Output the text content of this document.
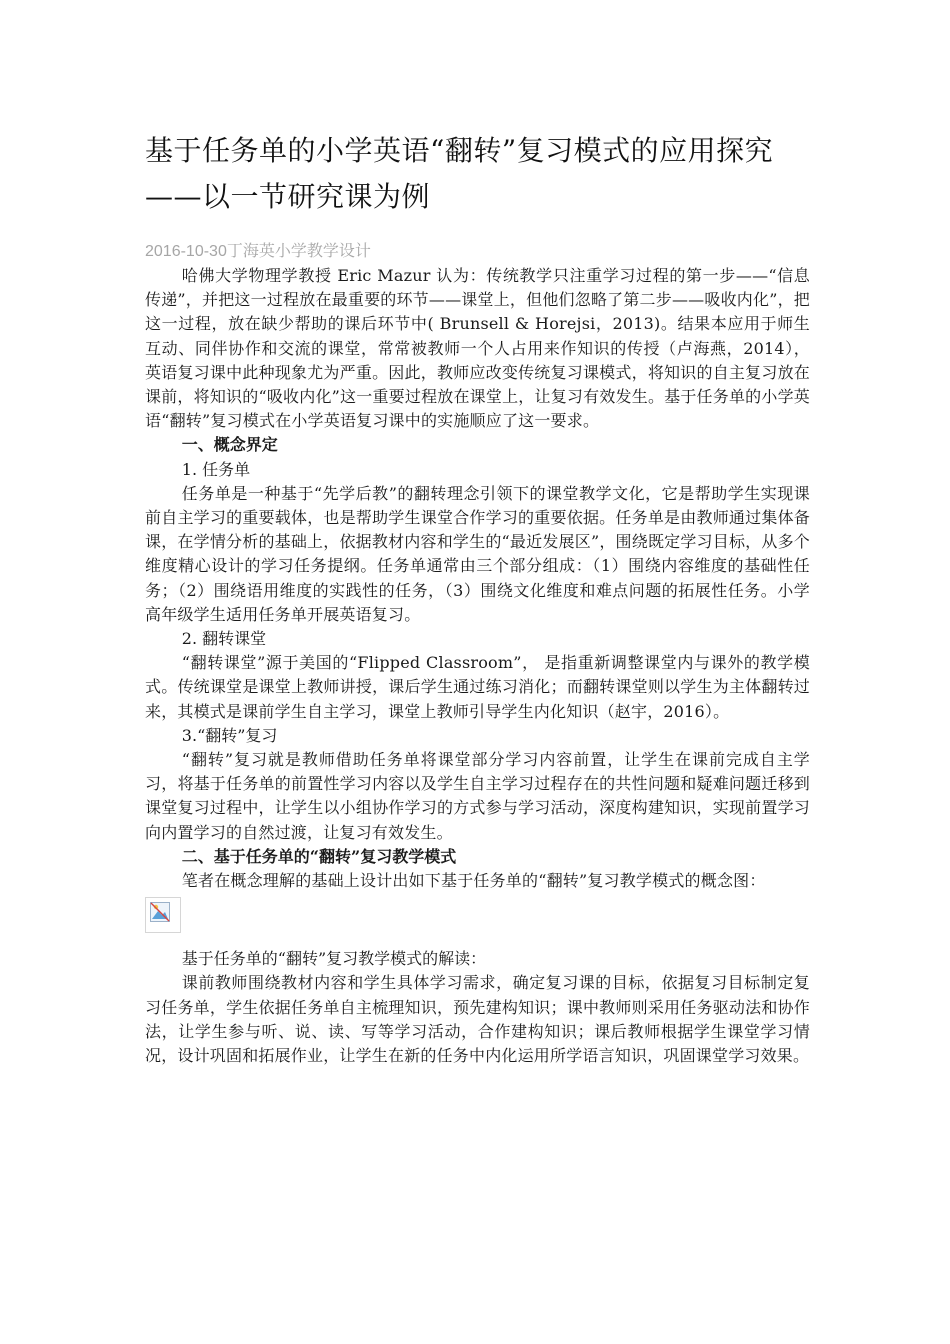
基于任务单的小学英语“翻转”复习模式的应用探究
——以一节研究课为例
2016-10-30丁海英小学教学设计

哈佛大学物理学教授 Eric Mazur 认为：传统教学只注重学习过程的第一步——“信息传递”，并把这一过程放在最重要的环节——课堂上，但他们忽略了第二步——吸收内化”，把这一过程，放在缺少帮助的课后环节中( Brunsell & Horejsi，2013)。结果本应用于师生互动、同伴协作和交流的课堂，常常被教师一个人占用来作知识的传授（卢海燕，2014），英语复习课中此种现象尤为严重。因此，教师应改变传统复习课模式，将知识的自主复习放在课前，将知识的“吸收内化”这一重要过程放在课堂上，让复习有效发生。基于任务单的小学英语“翻转”复习模式在小学英语复习课中的实施顺应了这一要求。

一、概念界定

1. 任务单

任务单是一种基于“先学后教”的翻转理念引领下的课堂教学文化，它是帮助学生实现课前自主学习的重要载体，也是帮助学生课堂合作学习的重要依据。任务单是由教师通过集体备课，在学情分析的基础上，依据教材内容和学生的“最近发展区”，围绕既定学习目标，从多个维度精心设计的学习任务提纲。任务单通常由三个部分组成：（1）围绕内容维度的基础性任务；（2）围绕语用维度的实践性的任务，（3）围绕文化维度和难点问题的拓展性任务。小学高年级学生适用任务单开展英语复习。

2. 翻转课堂

“翻转课堂”源于美国的“Flipped Classroom”， 是指重新调整课堂内与课外的教学模式。传统课堂是课堂上教师讲授，课后学生通过练习消化；而翻转课堂则以学生为主体翻转过来，其模式是课前学生自主学习，课堂上教师引导学生内化知识（赵宇，2016）。

3.“翻转”复习

“翻转”复习就是教师借助任务单将课堂部分学习内容前置，让学生在课前完成自主学习，将基于任务单的前置性学习内容以及学生自主学习过程存在的共性问题和疑难问题迁移到课堂复习过程中，让学生以小组协作学习的方式参与学习活动，深度构建知识，实现前置学习向内置学习的自然过渡，让复习有效发生。

二、基于任务单的“翻转”复习教学模式

笔者在概念理解的基础上设计出如下基于任务单的“翻转”复习教学模式的概念图：

基于任务单的“翻转”复习教学模式的解读：

课前教师围绕教材内容和学生具体学习需求，确定复习课的目标，依据复习目标制定复习任务单，学生依据任务单自主梳理知识，预先建构知识；课中教师则采用任务驱动法和协作法，让学生参与听、说、读、写等学习活动，合作建构知识；课后教师根据学生课堂学习情况，设计巩固和拓展作业，让学生在新的任务中内化运用所学语言知识，巩固课堂学习效果。
